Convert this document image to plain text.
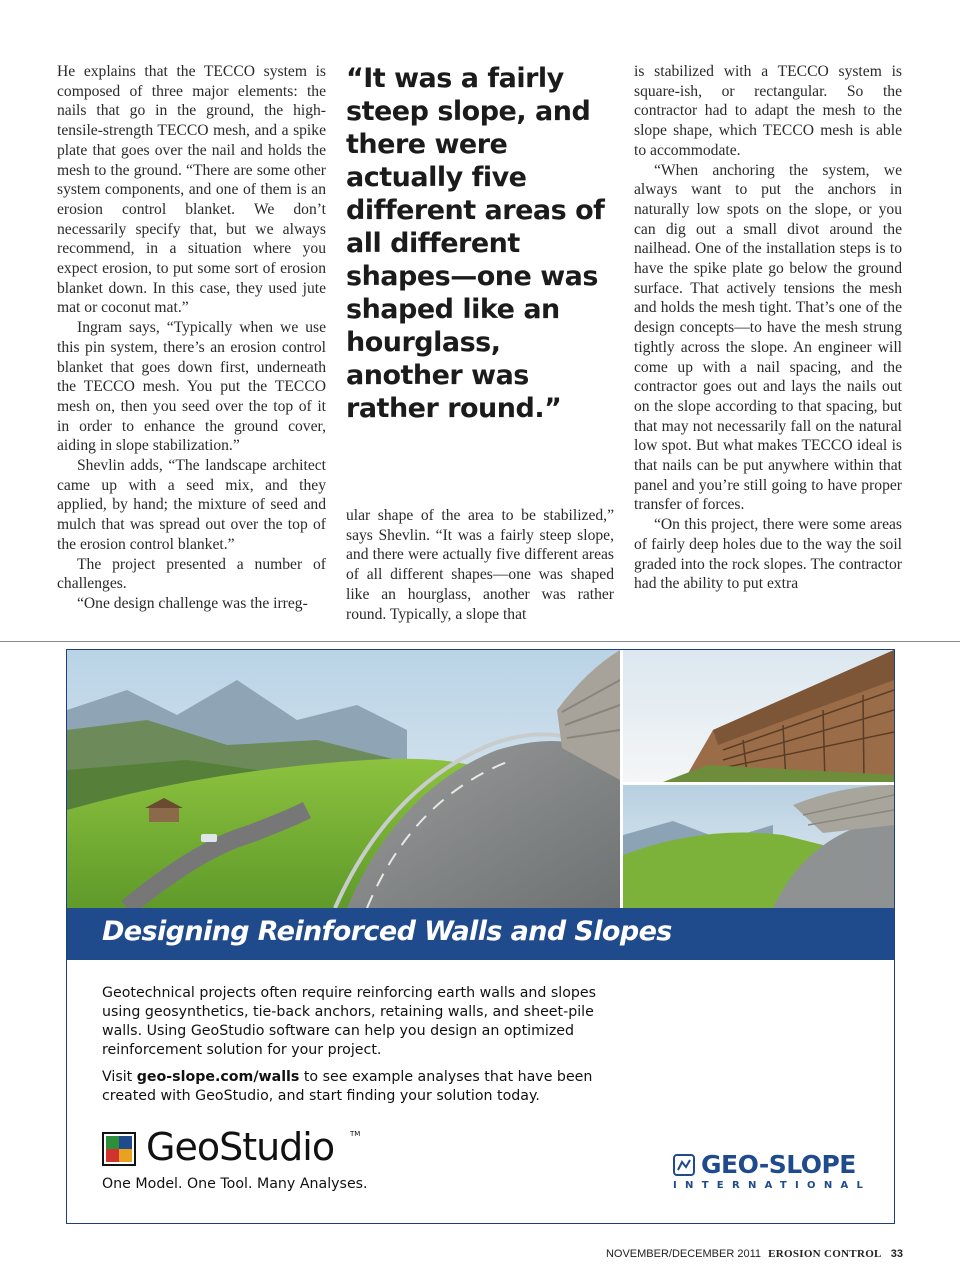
He explains that the TECCO system is composed of three major elements: the nails that go in the ground, the high-tensile-strength TECCO mesh, and a spike plate that goes over the nail and holds the mesh to the ground. “There are some other system components, and one of them is an erosion control blanket. We don’t necessarily specify that, but we always recommend, in a situation where you expect erosion, to put some sort of erosion blanket down. In this case, they used jute mat or coconut mat.”

Ingram says, “Typically when we use this pin system, there’s an erosion control blanket that goes down first, underneath the TECCO mesh. You put the TECCO mesh on, then you seed over the top of it in order to enhance the ground cover, aiding in slope stabilization.”

Shevlin adds, “The landscape architect came up with a seed mix, and they applied, by hand; the mixture of seed and mulch that was spread out over the top of the erosion control blanket.”

The project presented a number of challenges.

“One design challenge was the irreg-

“It was a fairly steep slope, and there were actually five different areas of all different shapes—one was shaped like an hourglass, another was rather round.”

ular shape of the area to be stabilized,” says Shevlin. “It was a fairly steep slope, and there were actually five different areas of all different shapes—one was shaped like an hourglass, another was rather round. Typically, a slope that

is stabilized with a TECCO system is square-ish, or rectangular. So the contractor had to adapt the mesh to the slope shape, which TECCO mesh is able to accommodate.

“When anchoring the system, we always want to put the anchors in naturally low spots on the slope, or you can dig out a small divot around the nailhead. One of the installation steps is to have the spike plate go below the ground surface. That actively tensions the mesh and holds the mesh tight. That’s one of the design concepts—to have the mesh strung tightly across the slope. An engineer will come up with a nail spacing, and the contractor goes out and lays the nails out on the slope according to that spacing, but that may not necessarily fall on the natural low spot. But what makes TECCO ideal is that nails can be put anywhere within that panel and you’re still going to have proper transfer of forces.

“On this project, there were some areas of fairly deep holes due to the way the soil graded into the rock slopes. The contractor had the ability to put extra

Designing Reinforced Walls and Slopes
Geotechnical projects often require reinforcing earth walls and slopes using geosynthetics, tie-back anchors, retaining walls, and sheet-pile walls. Using GeoStudio software can help you design an optimized reinforcement solution for your project.
Visit geo-slope.com/walls to see example analyses that have been created with GeoStudio, and start finding your solution today.
GeoStudio TM
One Model. One Tool. Many Analyses.
GEO-SLOPE
INTERNATIONAL
NOVEMBER/DECEMBER 2011 EROSION CONTROL 33
